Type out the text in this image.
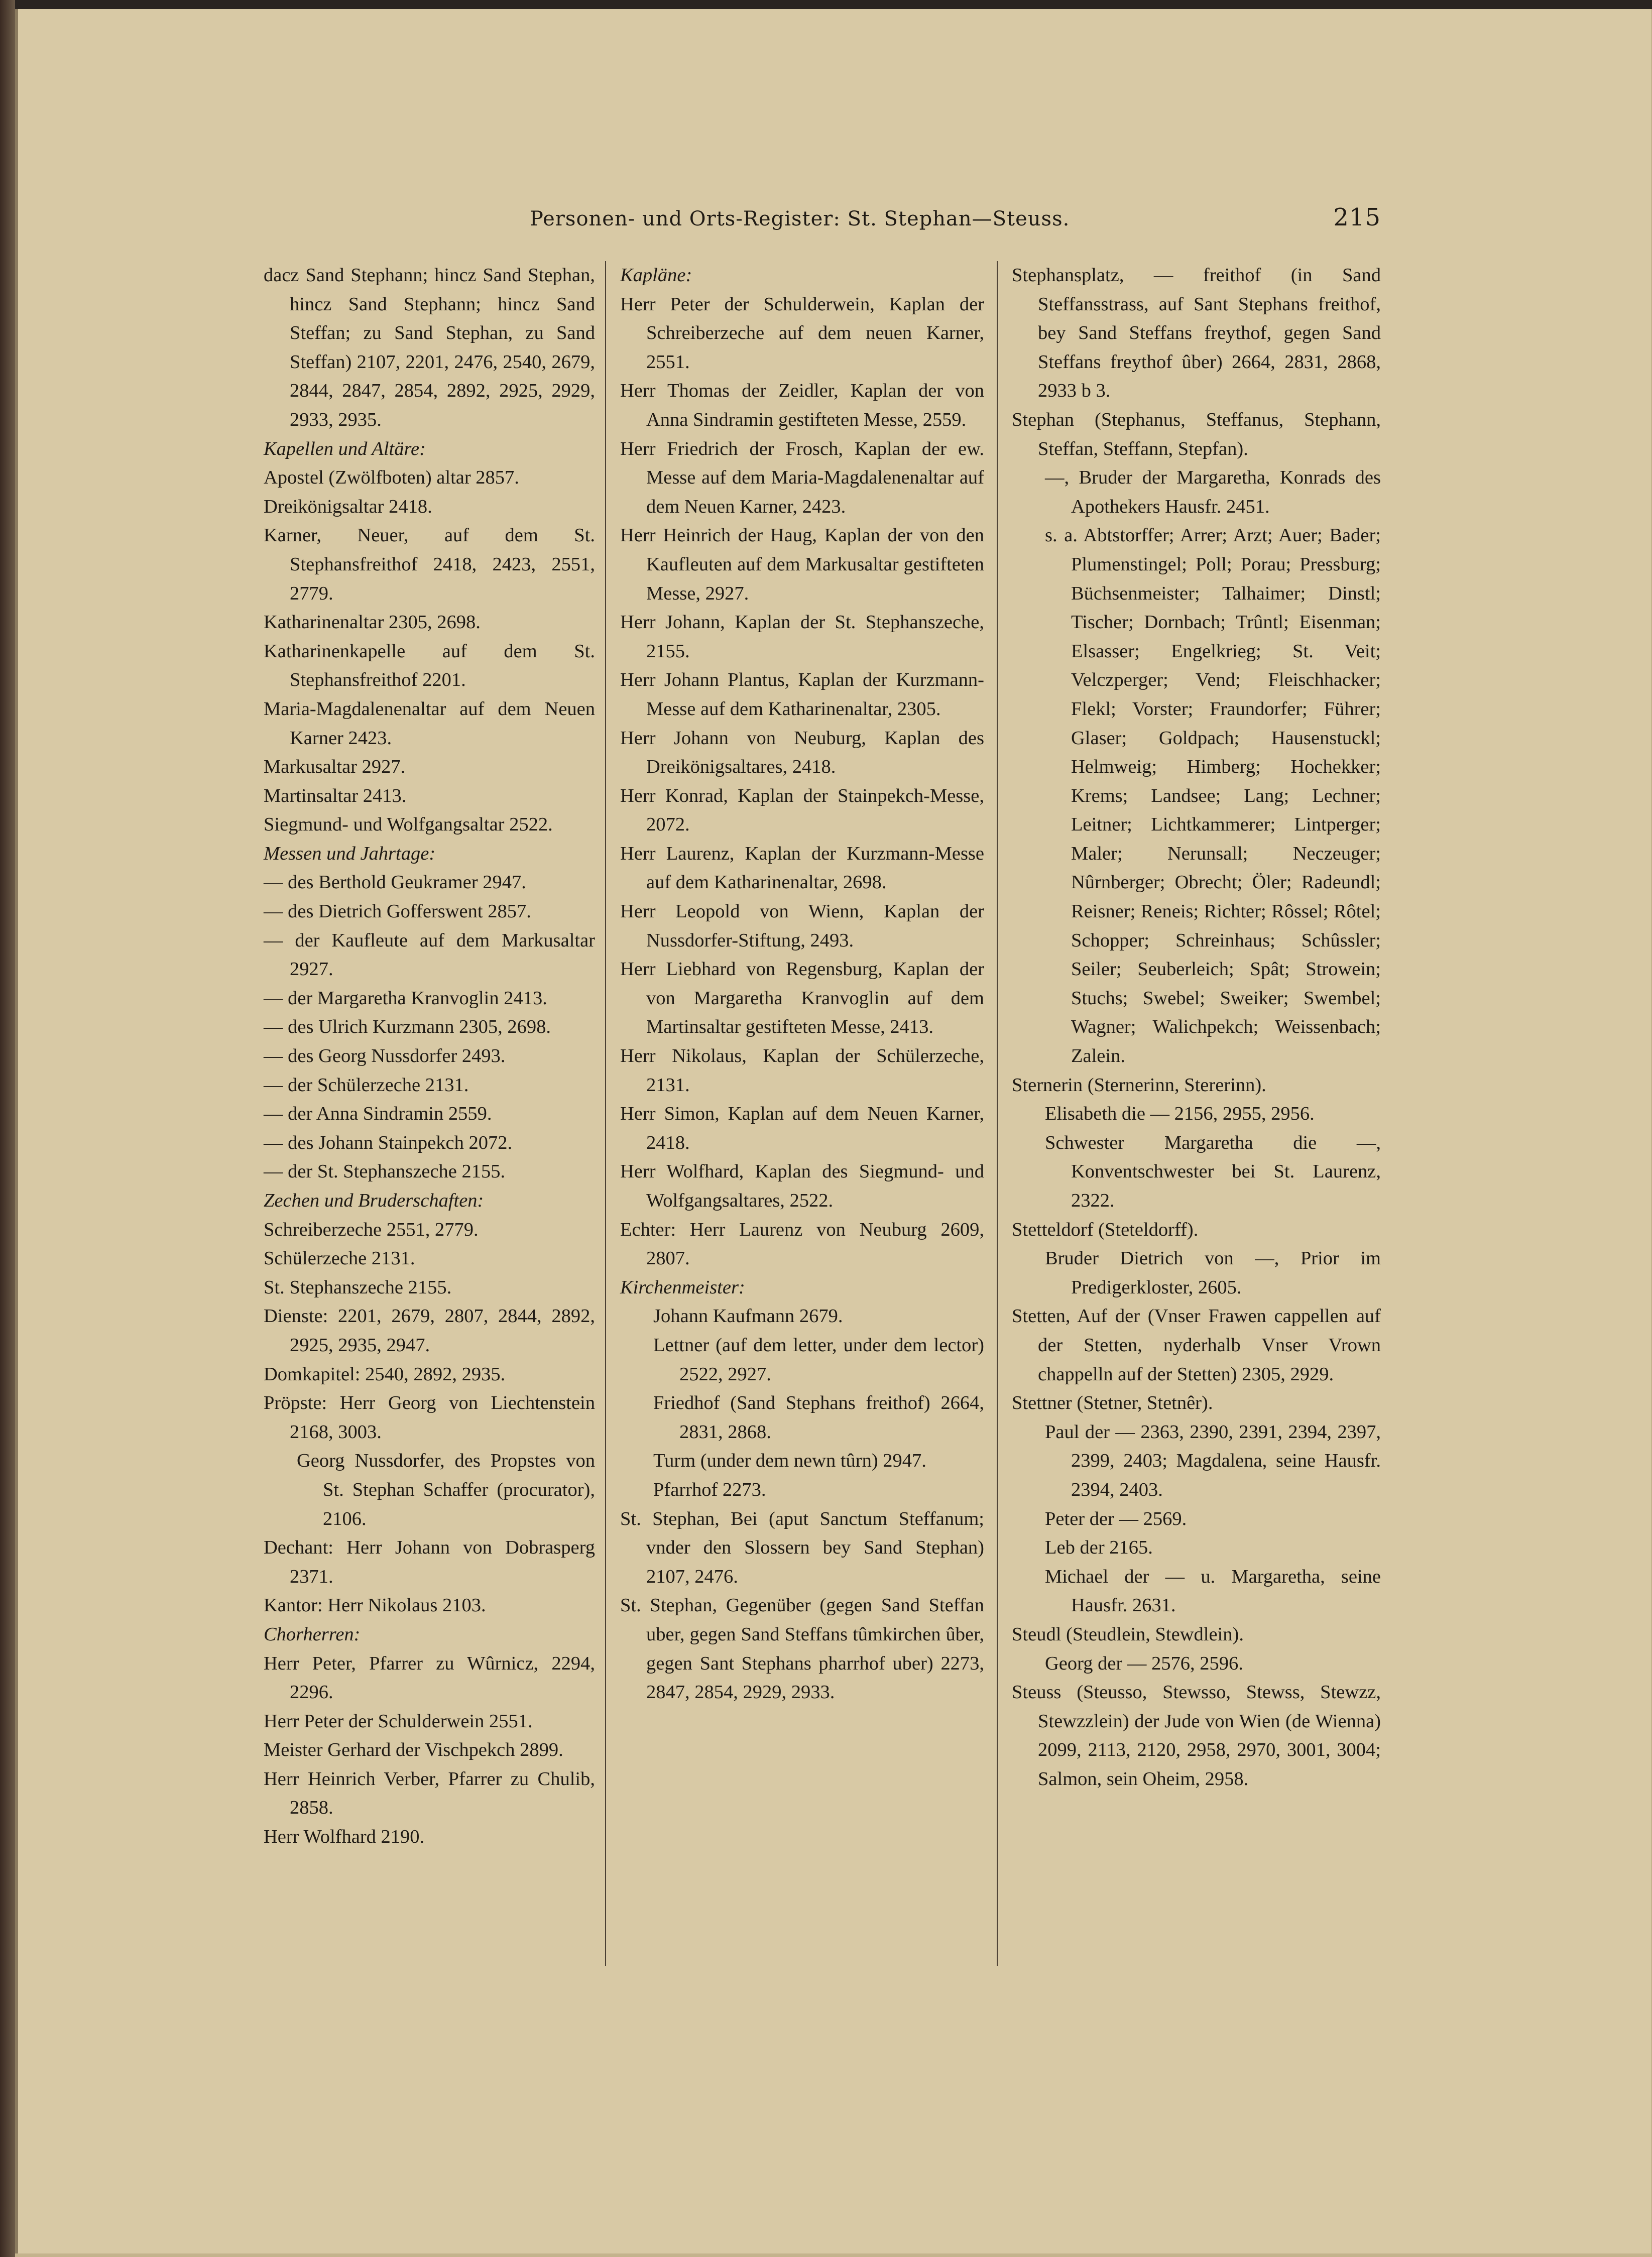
Personen- und Orts-Register: St. Stephan—Steuss.	215
dacz Sand Stephann; hincz Sand Stephan, hincz Sand Stephann; hincz Sand Steffan; zu Sand Stephan, zu Sand Steffan) 2107, 2201, 2476, 2540, 2679, 2844, 2847, 2854, 2892, 2925, 2929, 2933, 2935.
Kapellen und Altäre:
Apostel (Zwölfboten) altar 2857.
Dreikönigsaltar 2418.
Karner, Neuer, auf dem St. Stephansfreithof 2418, 2423, 2551, 2779.
Katharinenaltar 2305, 2698.
Katharinenkapelle auf dem St. Stephansfreithof 2201.
Maria-Magdalenenaltar auf dem Neuen Karner 2423.
Markusaltar 2927.
Martinsaltar 2413.
Siegmund- und Wolfgangsaltar 2522.
Messen und Jahrtage:
— des Berthold Geukramer 2947.
— des Dietrich Gofferswent 2857.
— der Kaufleute auf dem Markusaltar 2927.
— der Margaretha Kranvoglin 2413.
— des Ulrich Kurzmann 2305, 2698.
— des Georg Nussdorfer 2493.
— der Schülerzeche 2131.
— der Anna Sindramin 2559.
— des Johann Stainpekch 2072.
— der St. Stephanszeche 2155.
Zechen und Bruderschaften:
Schreiberzeche 2551, 2779.
Schülerzeche 2131.
St. Stephanszeche 2155.
Dienste: 2201, 2679, 2807, 2844, 2892, 2925, 2935, 2947.
Domkapitel: 2540, 2892, 2935.
Pröpste: Herr Georg von Liechtenstein 2168, 3003.
Georg Nussdorfer, des Propstes von St. Stephan Schaffer (procurator), 2106.
Dechant: Herr Johann von Dobrasperg 2371.
Kantor: Herr Nikolaus 2103.
Chorherren:
Herr Peter, Pfarrer zu Wûrnicz, 2294, 2296.
Herr Peter der Schulderwein 2551.
Meister Gerhard der Vischpekch 2899.
Herr Heinrich Verber, Pfarrer zu Chulib, 2858.
Herr Wolfhard 2190.
Kapläne:
Herr Peter der Schulderwein, Kaplan der Schreiberzeche auf dem neuen Karner, 2551.
Herr Thomas der Zeidler, Kaplan der von Anna Sindramin gestifteten Messe, 2559.
Herr Friedrich der Frosch, Kaplan der ew. Messe auf dem Maria-Magdalenenaltar auf dem Neuen Karner, 2423.
Herr Heinrich der Haug, Kaplan der von den Kaufleuten auf dem Markusaltar gestifteten Messe, 2927.
Herr Johann, Kaplan der St. Stephanszeche, 2155.
Herr Johann Plantus, Kaplan der Kurzmann-Messe auf dem Katharinenaltar, 2305.
Herr Johann von Neuburg, Kaplan des Dreikönigsaltares, 2418.
Herr Konrad, Kaplan der Stainpekch-Messe, 2072.
Herr Laurenz, Kaplan der Kurzmann-Messe auf dem Katharinenaltar, 2698.
Herr Leopold von Wienn, Kaplan der Nussdorfer-Stiftung, 2493.
Herr Liebhard von Regensburg, Kaplan der von Margaretha Kranvoglin auf dem Martinsaltar gestifteten Messe, 2413.
Herr Nikolaus, Kaplan der Schülerzeche, 2131.
Herr Simon, Kaplan auf dem Neuen Karner, 2418.
Herr Wolfhard, Kaplan des Siegmund- und Wolfgangsaltares, 2522.
Echter: Herr Laurenz von Neuburg 2609, 2807.
Kirchenmeister:
Johann Kaufmann 2679.
Lettner (auf dem letter, under dem lector) 2522, 2927.
Friedhof (Sand Stephans freithof) 2664, 2831, 2868.
Turm (under dem newn tûrn) 2947.
Pfarrhof 2273.
St. Stephan, Bei (aput Sanctum Steffanum; vnder den Slossern bey Sand Stephan) 2107, 2476.
St. Stephan, Gegenüber (gegen Sand Steffan uber, gegen Sand Steffans tûmkirchen ûber, gegen Sant Stephans pharrhof uber) 2273, 2847, 2854, 2929, 2933.
Stephansplatz, — freithof (in Sand Steffansstrass, auf Sant Stephans freithof, bey Sand Steffans freythof, gegen Sand Steffans freythof ûber) 2664, 2831, 2868, 2933 b 3.
Stephan (Stephanus, Steffanus, Stephann, Steffan, Steffann, Stepfan).
—, Bruder der Margaretha, Konrads des Apothekers Hausfr. 2451.
s. a. Abtstorffer; Arrer; Arzt; Auer; Bader; Plumenstingel; Poll; Porau; Pressburg; Büchsenmeister; Talhaimer; Dinstl; Tischer; Dornbach; Trûntl; Eisenman; Elsasser; Engelkrieg; St. Veit; Velczperger; Vend; Fleischhacker; Flekl; Vorster; Fraundorfer; Führer; Glaser; Goldpach; Hausenstuckl; Helmweig; Himberg; Hochekker; Krems; Landsee; Lang; Lechner; Leitner; Lichtkammerer; Lintperger; Maler; Nerunsall; Neczeuger; Nûrnberger; Obrecht; Öler; Radeundl; Reisner; Reneis; Richter; Rôssel; Rôtel; Schopper; Schreinhaus; Schûssler; Seiler; Seuberleich; Spât; Strowein; Stuchs; Swebel; Sweiker; Swembel; Wagner; Walichpekch; Weissenbach; Zalein.
Sternerin (Sternerinn, Stererinn).
Elisabeth die — 2156, 2955, 2956.
Schwester Margaretha die —, Konventschwester bei St. Laurenz, 2322.
Stetteldorf (Steteldorff).
Bruder Dietrich von —, Prior im Predigerkloster, 2605.
Stetten, Auf der (Vnser Frawen cappellen auf der Stetten, nyderhalb Vnser Vrown chappelln auf der Stetten) 2305, 2929.
Stettner (Stetner, Stetnêr).
Paul der — 2363, 2390, 2391, 2394, 2397, 2399, 2403; Magdalena, seine Hausfr. 2394, 2403.
Peter der — 2569.
Leb der 2165.
Michael der — u. Margaretha, seine Hausfr. 2631.
Steudl (Steudlein, Stewdlein).
Georg der — 2576, 2596.
Steuss (Steusso, Stewsso, Stewss, Stewzz, Stewzzlein) der Jude von Wien (de Wienna) 2099, 2113, 2120, 2958, 2970, 3001, 3004; Salmon, sein Oheim, 2958.
